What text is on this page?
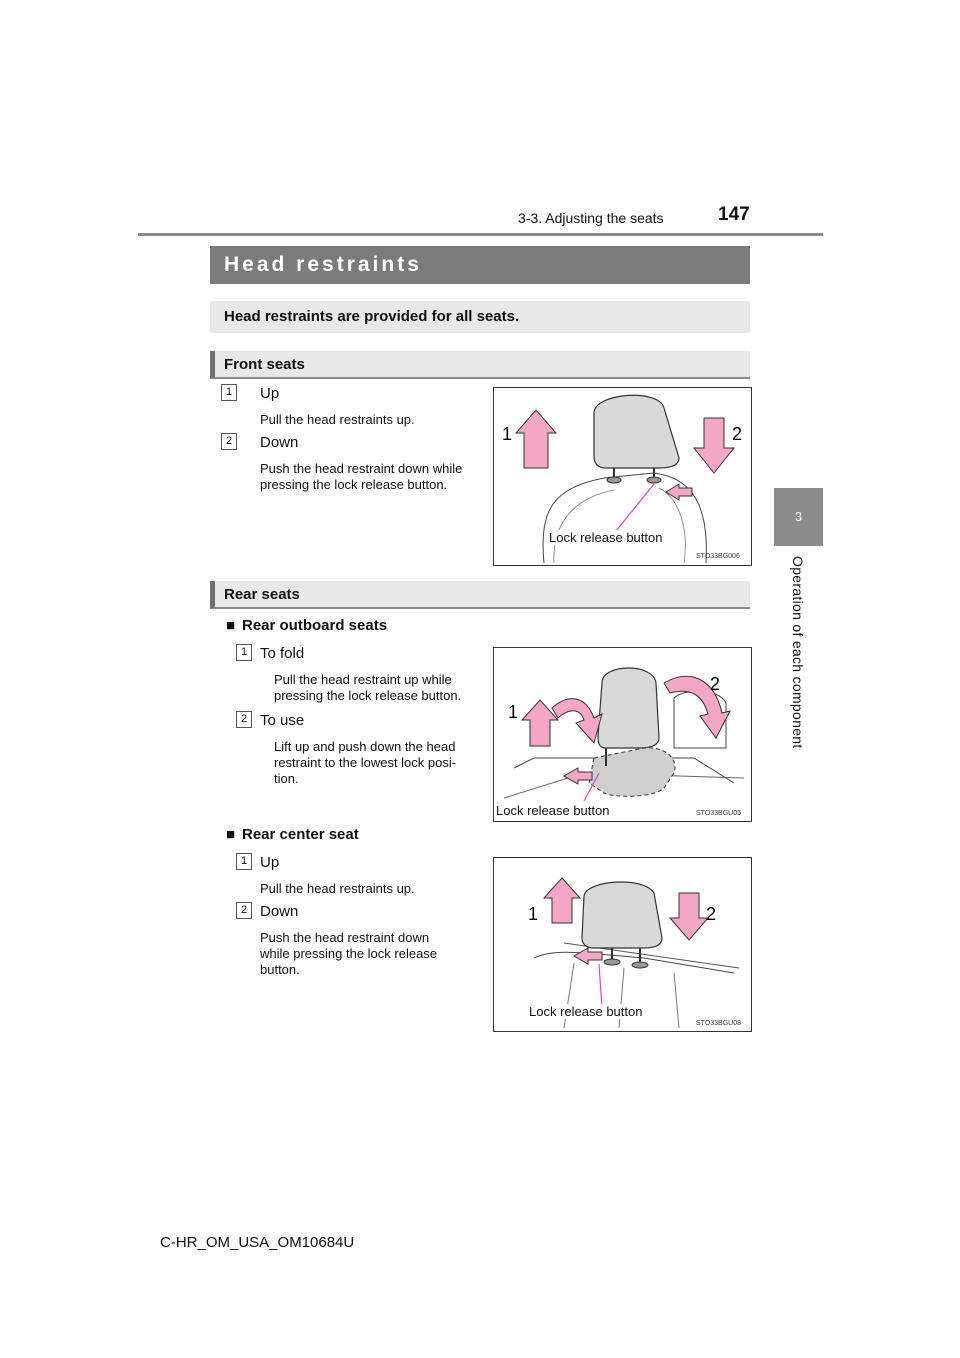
3-3. Adjusting the seats	147
3
Operation of each component
Head restraints
Head restraints are provided for all seats.
Front seats
1	Up
Pull the head restraints up.
2	Down
Push the head restraint down while
pressing the lock release button.
1	2
Lock release button
STO33BG006
Rear seats
■ Rear outboard seats
1 To fold
Pull the head restraint up while
pressing the lock release button.
2 To use
Lift up and push down the head
restraint to the lowest lock posi-
tion.
1
2
Lock release button	STO33BGU05
■ Rear center seat
1 Up
Pull the head restraints up.
2 Down
Push the head restraint down
while pressing the lock release
button.
1	2
Lock release button
STO33BGU08
C-HR_OM_USA_OM10684U
